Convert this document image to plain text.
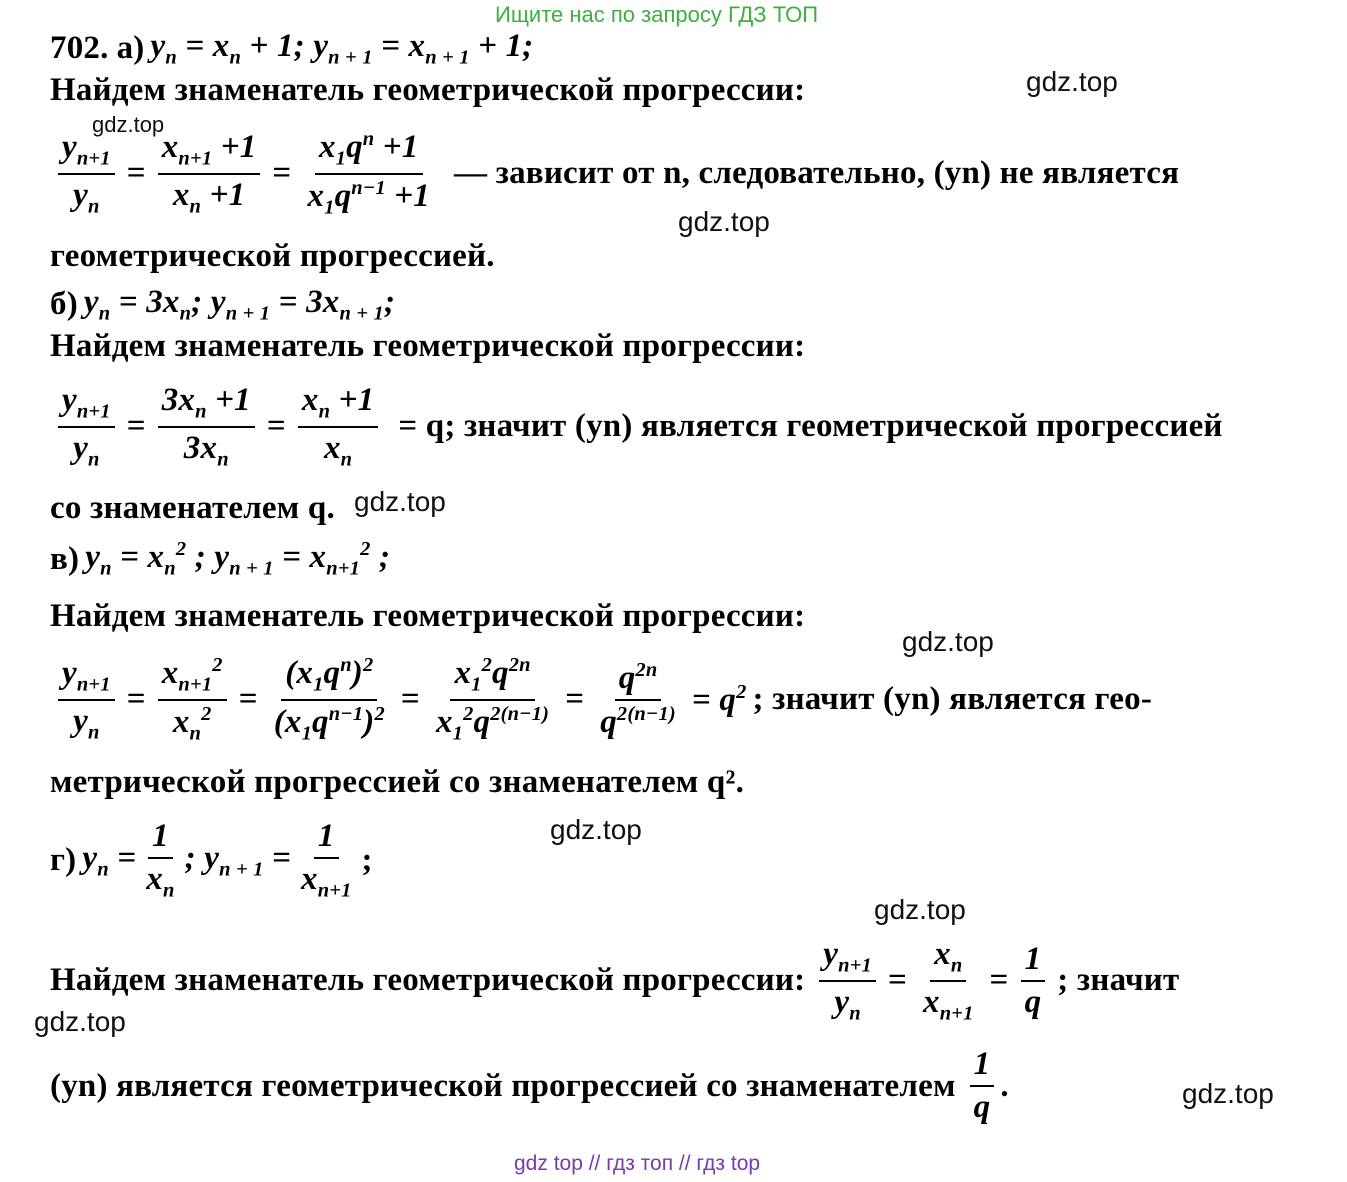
Ищите нас по запросу ГДЗ ТОП
702. а) $y_n = x_n + 1$; $y_{n + 1} = x_{n + 1} + 1$;
Найдем знаменатель геометрической прогрессии:
$\frac{y_{n+1}}{y_n} = \frac{x_{n+1} +1}{x_n +1} = \frac{x_1q^n +1}{x_1q^{n-1} +1}$ — зависит от n, следовательно, (yn) не является
геометрической прогрессией.
б) $y_n = 3x_n$; $y_{n + 1} = 3x_{n + 1}$;
Найдем знаменатель геометрической прогрессии:
$\frac{y_{n+1}}{y_n} = \frac{3x_n +1}{3x_n} = \frac{x_n +1}{x_n} = q$; значит (yn) является геометрической прогрессией
со знаменателем q.
в) $y_n = x_n^2$ ; $y_{n + 1} = x_{n+1}^2$ ;
Найдем знаменатель геометрической прогрессии:
$\frac{y_{n+1}}{y_n} = \frac{x_{n+1}^2}{x_n^2} = \frac{(x_1q^n)^2}{(x_1q^{n-1})^2} = \frac{x_1^2q^{2n}}{x_1^2q^{2(n-1)}} = \frac{q^{2n}}{q^{2(n-1)}} = q^2$ ; значит (yn) является гео-
метрической прогрессией со знаменателем q².
г) $y_n = \frac{1}{x_n}$ ; $y_{n + 1} = \frac{1}{x_{n+1}}$ ;
Найдем знаменатель геометрической прогрессии: $\frac{y_{n+1}}{y_n} = \frac{x_n}{x_{n+1}} = \frac{1}{q}$ ; значит
(yn) является геометрической прогрессией со знаменателем $\frac{1}{q}$ .
gdz.top
gdz.top
gdz.top
gdz.top
gdz.top
gdz.top
gdz.top
gdz.top
gdz.top
gdz top // гдз топ // гдз top
